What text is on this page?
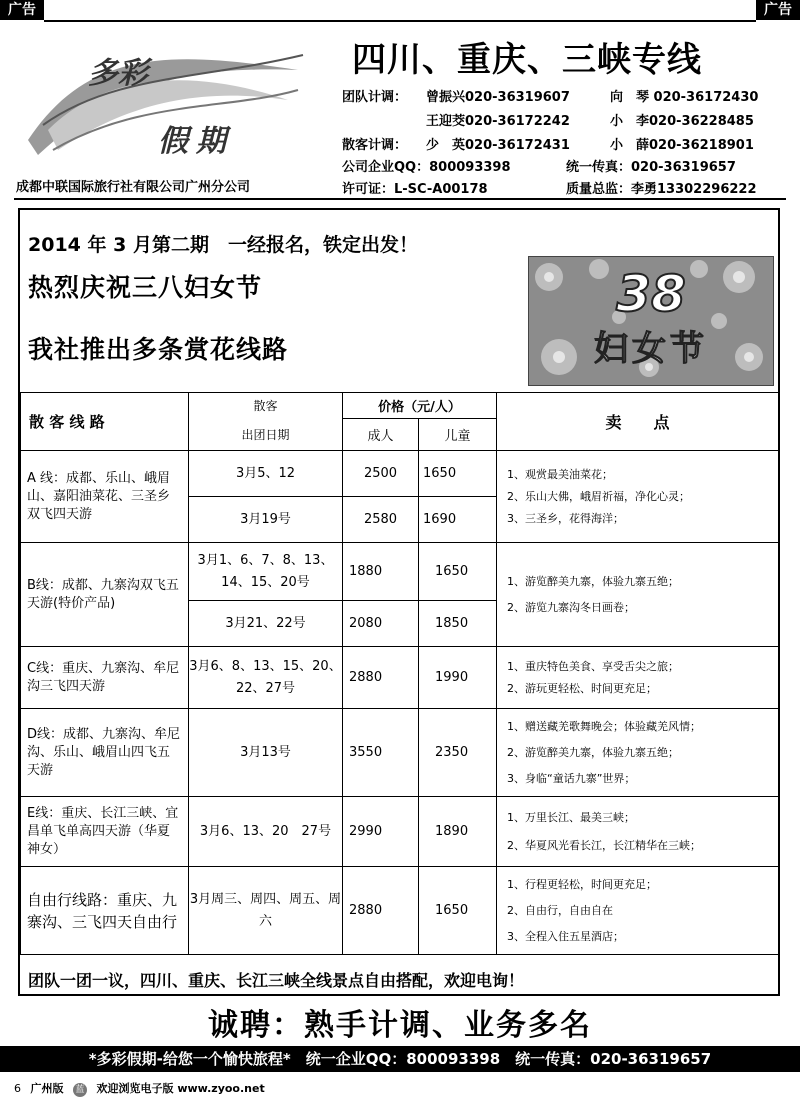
广告	广告
多彩
假期
成都中联国际旅行社有限公司广州分公司
四川、重庆、三峡专线
团队计调： 曾振兴020-36319607	向　琴 020-36172430
王迎茭020-36172242	小　李020-36228485
散客计调： 少　英020-36172431	小　薛020-36218901
公司企业QQ：800093398	统一传真：020-36319657
许可证：L-SC-A00178	质量总监：李勇13302296222
2014 年 3 月第二期　一经报名，铁定出发！
热烈庆祝三八妇女节
我社推出多条赏花线路
38
妇女节
散 客 线 路	散客	价格（元/人）		卖　　点
	出团日期	成人	儿童	
A 线：成都、乐山、峨眉山、嘉阳油菜花、三圣乡双飞四天游	3月5、12	2500	1650	1、观赏最美油菜花；
2、乐山大佛，峨眉祈福，净化心灵；
3、三圣乡，花得海洋；

	3月19号	2580	1690	
B线：成都、九寨沟双飞五天游(特价产品)	3月1、6、7、8、13、14、15、20号	1880	1650	1、游览醉美九寨，体验九寨五绝；
2、游览九寨沟冬日画卷；

	3月21、22号	2080	1850	
C线：重庆、九寨沟、牟尼沟三飞四天游	3月6、8、13、15、20、22、27号	2880	1990	1、重庆特色美食、享受舌尖之旅；
2、游玩更轻松、时间更充足；

D线：成都、九寨沟、牟尼沟、乐山、峨眉山四飞五天游	3月13号	3550	2350	1、赠送藏羌歌舞晚会；体验藏羌风情；
2、游览醉美九寨，体验九寨五绝；
3、身临“童话九寨”世界；

E线：重庆、长江三峡、宜昌单飞单高四天游（华夏神女）	3月6、13、20　27号	2990	1890	1、万里长江、最美三峡；
2、华夏风光看长江，长江精华在三峡；

自由行线路：重庆、九寨沟、三飞四天自由行	3月周三、周四、周五、周六	2880	1650	1、行程更轻松，时间更充足；
2、自由行，自由自在
3、全程入住五星酒店；
团队一团一议，四川、重庆、长江三峡全线景点自由搭配，欢迎电询！
诚聘：熟手计调、业务多名
*多彩假期-给您一个愉快旅程*　统一企业QQ：800093398　统一传真：020-36319657
6 广州版 蓝 欢迎浏览电子版 www.zyoo.net
